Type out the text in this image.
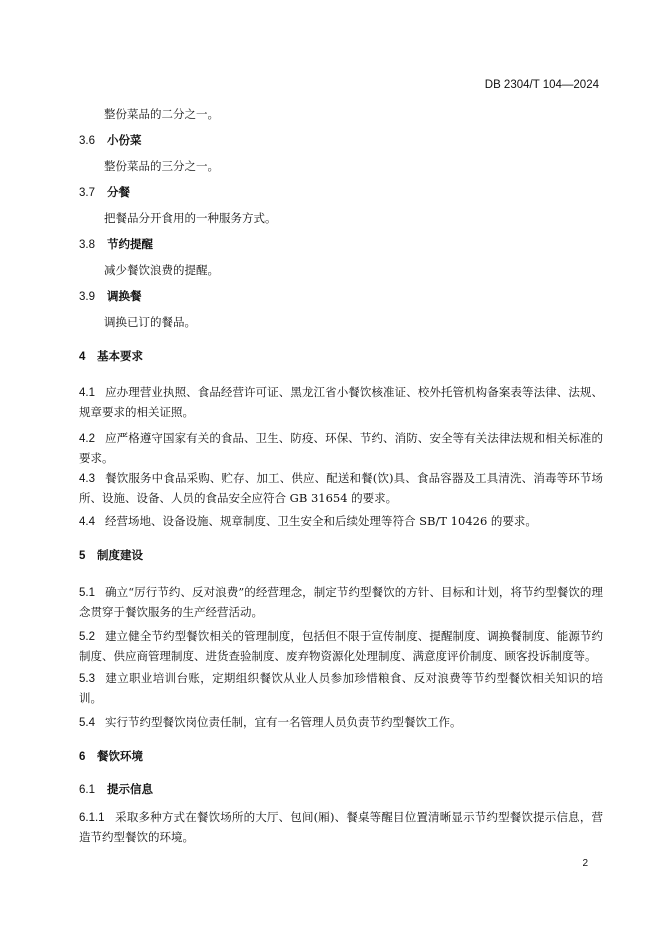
DB 2304/T 104—2024
整份菜品的二分之一。
3.6 小份菜
整份菜品的三分之一。
3.7 分餐
把餐品分开食用的一种服务方式。
3.8 节约提醒
减少餐饮浪费的提醒。
3.9 调换餐
调换已订的餐品。
4 基本要求
4.1 应办理营业执照、食品经营许可证、黑龙江省小餐饮核准证、校外托管机构备案表等法律、法规、规章要求的相关证照。
4.2 应严格遵守国家有关的食品、卫生、防疫、环保、节约、消防、安全等有关法律法规和相关标准的要求。
4.3 餐饮服务中食品采购、贮存、加工、供应、配送和餐(饮)具、食品容器及工具清洗、消毒等环节场所、设施、设备、人员的食品安全应符合 GB 31654 的要求。
4.4 经营场地、设备设施、规章制度、卫生安全和后续处理等符合 SB/T 10426 的要求。
5 制度建设
5.1 确立“厉行节约、反对浪费”的经营理念，制定节约型餐饮的方针、目标和计划，将节约型餐饮的理念贯穿于餐饮服务的生产经营活动。
5.2 建立健全节约型餐饮相关的管理制度，包括但不限于宣传制度、提醒制度、调换餐制度、能源节约制度、供应商管理制度、进货查验制度、废弃物资源化处理制度、满意度评价制度、顾客投诉制度等。
5.3 建立职业培训台账，定期组织餐饮从业人员参加珍惜粮食、反对浪费等节约型餐饮相关知识的培训。
5.4 实行节约型餐饮岗位责任制，宜有一名管理人员负责节约型餐饮工作。
6 餐饮环境
6.1 提示信息
6.1.1 采取多种方式在餐饮场所的大厅、包间(厢)、餐桌等醒目位置清晰显示节约型餐饮提示信息，营造节约型餐饮的环境。
2
